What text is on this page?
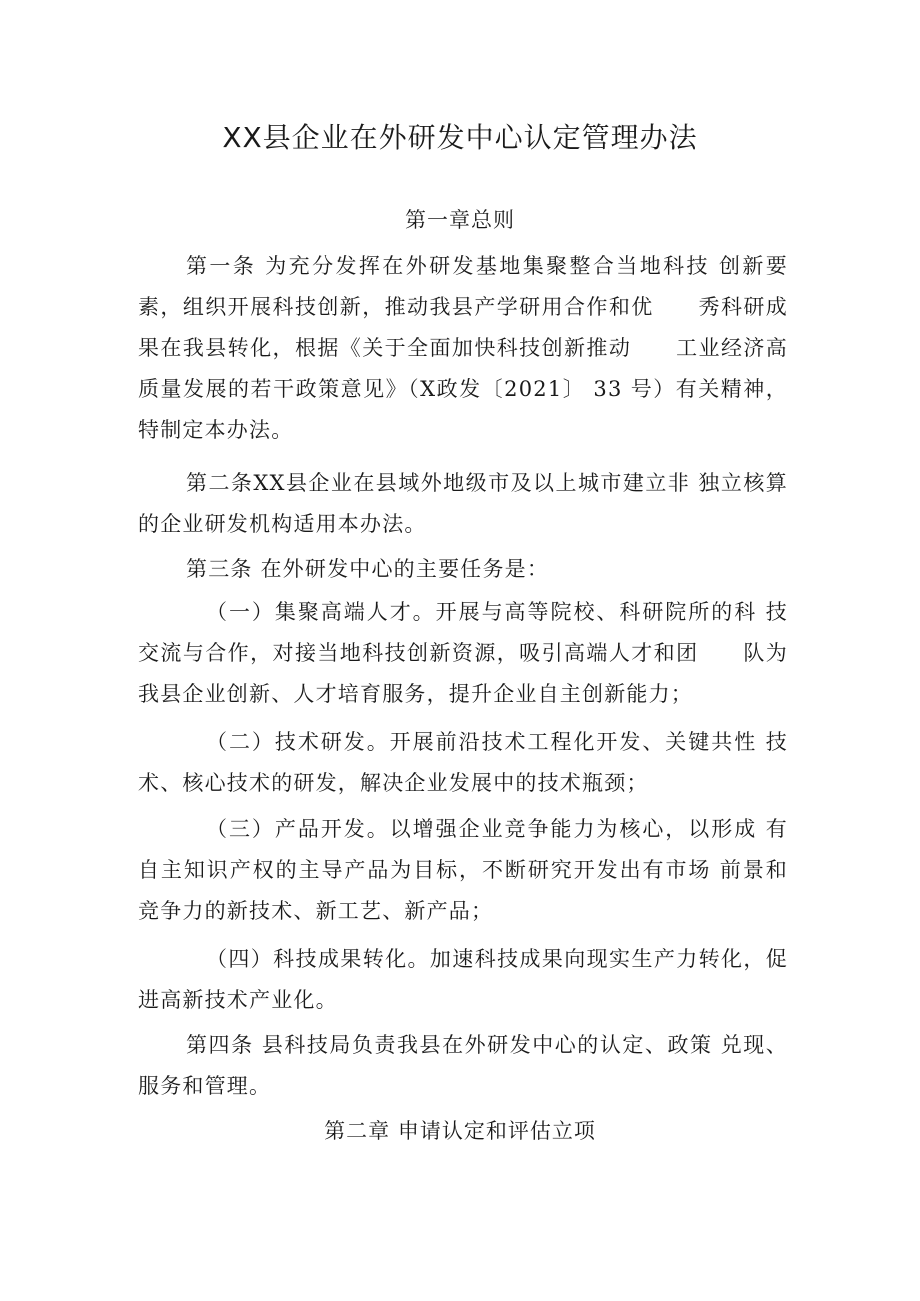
XX县企业在外研发中心认定管理办法

第一章总则

第一条 为充分发挥在外研发基地集聚整合当地科技 创新要素，组织开展科技创新，推动我县产学研用合作和优　　秀科研成果在我县转化，根据《关于全面加快科技创新推动　　工业经济高质量发展的若干政策意见》（X政发〔2021〕 33 号）有关精神，特制定本办法。

第二条XX县企业在县域外地级市及以上城市建立非 独立核算的企业研发机构适用本办法。

第三条 在外研发中心的主要任务是：

（一）集聚高端人才。开展与高等院校、科研院所的科 技交流与合作，对接当地科技创新资源，吸引高端人才和团　　队为我县企业创新、人才培育服务，提升企业自主创新能力；

（二）技术研发。开展前沿技术工程化开发、关键共性 技术、核心技术的研发，解决企业发展中的技术瓶颈；

（三）产品开发。以增强企业竞争能力为核心，以形成 有自主知识产权的主导产品为目标，不断研究开发出有市场 前景和竞争力的新技术、新工艺、新产品；

（四）科技成果转化。加速科技成果向现实生产力转化，促进高新技术产业化。

第四条 县科技局负责我县在外研发中心的认定、政策 兑现、服务和管理。

第二章 申请认定和评估立项
